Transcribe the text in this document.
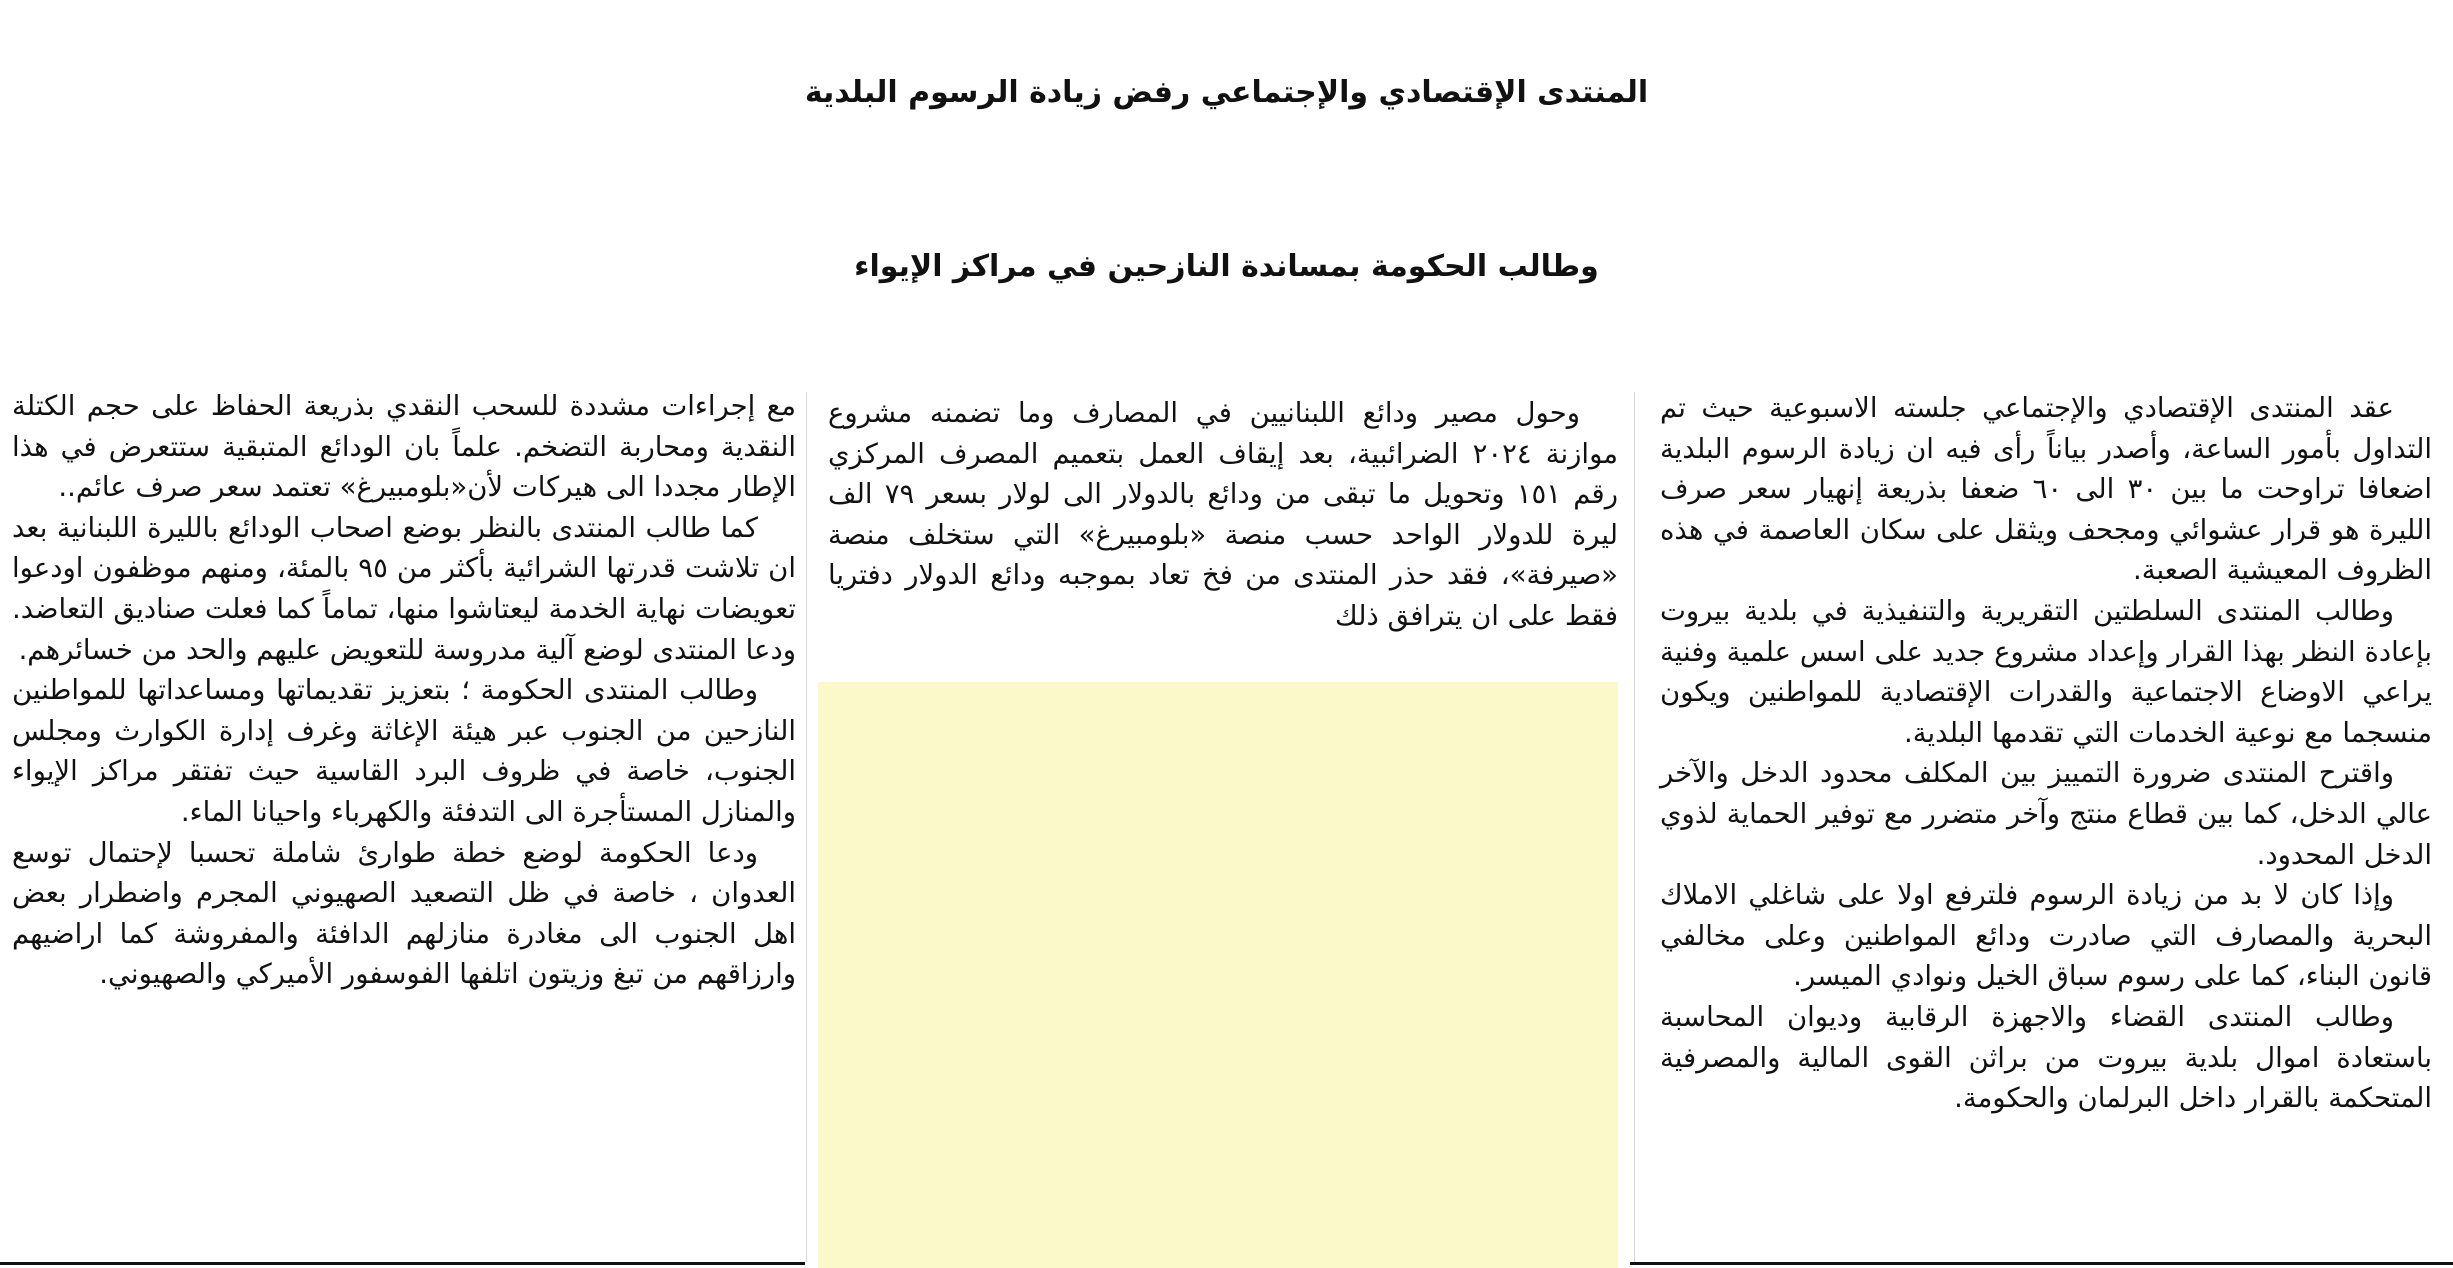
المنتدى الإقتصادي والإجتماعي رفض زيادة الرسوم البلدية
وطالب الحكومة بمساندة النازحين في مراكز الإيواء

عقد المنتدى الإقتصادي والإجتماعي جلسته الاسبوعية حيث تم التداول بأمور الساعة، وأصدر بياناً رأى فيه ان زيادة الرسوم البلدية اضعافا تراوحت ما بين ٣٠ الى ٦٠ ضعفا بذريعة إنهيار سعر صرف الليرة هو قرار عشوائي ومجحف ويثقل على سكان العاصمة في هذه الظروف المعيشية الصعبة.

وطالب المنتدى السلطتين التقريرية والتنفيذية في بلدية بيروت بإعادة النظر بهذا القرار وإعداد مشروع جديد على اسس علمية وفنية يراعي الاوضاع الاجتماعية والقدرات الإقتصادية للمواطنين ويكون منسجما مع نوعية الخدمات التي تقدمها البلدية.

واقترح المنتدى ضرورة التمييز بين المكلف محدود الدخل والآخر عالي الدخل، كما بين قطاع منتج وآخر متضرر مع توفير الحماية لذوي الدخل المحدود.

وإذا كان لا بد من زيادة الرسوم فلترفع اولا على شاغلي الاملاك البحرية والمصارف التي صادرت ودائع المواطنين وعلى مخالفي قانون البناء، كما على رسوم سباق الخيل ونوادي الميسر.

وطالب المنتدى القضاء والاجهزة الرقابية وديوان المحاسبة باستعادة اموال بلدية بيروت من براثن القوى المالية والمصرفية المتحكمة بالقرار داخل البرلمان والحكومة.

وحول مصير ودائع اللبنانيين في المصارف وما تضمنه مشروع موازنة ٢٠٢٤ الضرائبية، بعد إيقاف العمل بتعميم المصرف المركزي رقم ١٥١ وتحويل ما تبقى من ودائع بالدولار الى لولار بسعر ٧٩ الف ليرة للدولار الواحد حسب منصة «بلومبيرغ» التي ستخلف منصة «صيرفة»، فقد حذر المنتدى من فخ تعاد بموجبه ودائع الدولار دفتريا فقط على ان يترافق ذلك

مع إجراءات مشددة للسحب النقدي بذريعة الحفاظ على حجم الكتلة النقدية ومحاربة التضخم. علماً بان الودائع المتبقية ستتعرض في هذا الإطار مجددا الى هيركات لأن«بلومبيرغ» تعتمد سعر صرف عائم..

كما طالب المنتدى بالنظر بوضع اصحاب الودائع بالليرة اللبنانية بعد ان تلاشت قدرتها الشرائية بأكثر من ٩٥ بالمئة، ومنهم موظفون اودعوا تعويضات نهاية الخدمة ليعتاشوا منها، تماماً كما فعلت صناديق التعاضد. ودعا المنتدى لوضع آلية مدروسة للتعويض عليهم والحد من خسائرهم.

وطالب المنتدى الحكومة ؛ بتعزيز تقديماتها ومساعداتها للمواطنين النازحين من الجنوب عبر هيئة الإغاثة وغرف إدارة الكوارث ومجلس الجنوب، خاصة في ظروف البرد القاسية حيث تفتقر مراكز الإيواء والمنازل المستأجرة الى التدفئة والكهرباء واحيانا الماء.

ودعا الحكومة لوضع خطة طوارئ شاملة تحسبا لإحتمال توسع العدوان ، خاصة في ظل التصعيد الصهيوني المجرم واضطرار بعض اهل الجنوب الى مغادرة منازلهم الدافئة والمفروشة كما اراضيهم وارزاقهم من تبغ وزيتون اتلفها الفوسفور الأميركي والصهيوني.
